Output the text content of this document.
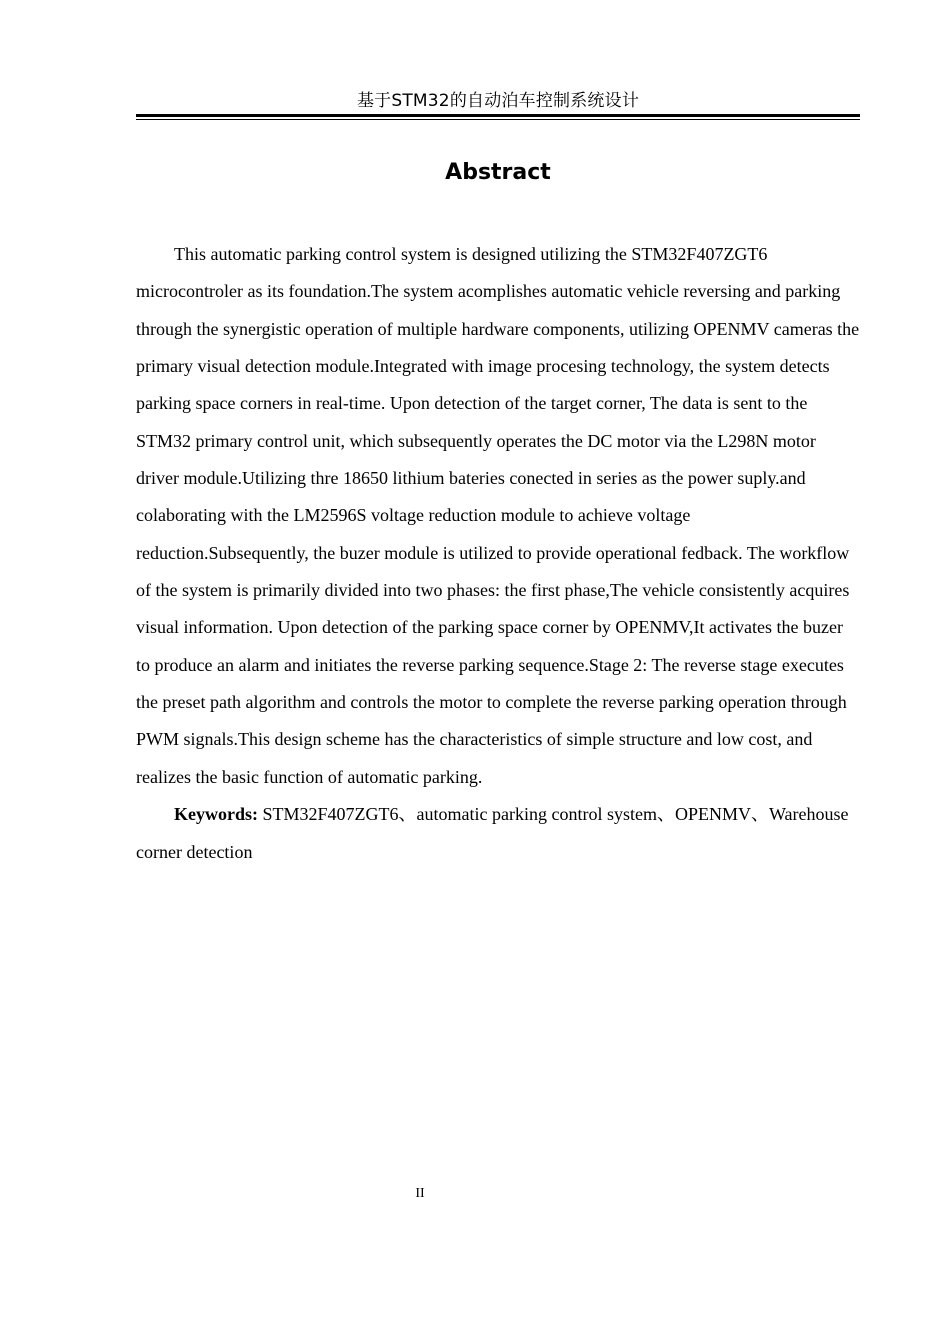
基于STM32的自动泊车控制系统设计
Abstract

This automatic parking control system is designed utilizing the STM32F407ZGT6 microcontroler as its foundation.The system acomplishes automatic vehicle reversing and parking through the synergistic operation of multiple hardware components, utilizing OPENMV cameras the primary visual detection module.Integrated with image procesing technology, the system detects parking space corners in real-time. Upon detection of the target corner, The data is sent to the STM32 primary control unit, which subsequently operates the DC motor via the L298N motor driver module.Utilizing thre 18650 lithium bateries conected in series as the power suply.and colaborating with the LM2596S voltage reduction module to achieve voltage reduction.Subsequently, the buzer module is utilized to provide operational fedback. The workflow of the system is primarily divided into two phases: the first phase,The vehicle consistently acquires visual information. Upon detection of the parking space corner by OPENMV,It activates the buzer to produce an alarm and initiates the reverse parking sequence.Stage 2: The reverse stage executes the preset path algorithm and controls the motor to complete the reverse parking operation through PWM signals.This design scheme has the characteristics of simple structure and low cost, and realizes the basic function of automatic parking.

Keywords: STM32F407ZGT6、automatic parking control system、OPENMV、Warehouse corner detection

II
